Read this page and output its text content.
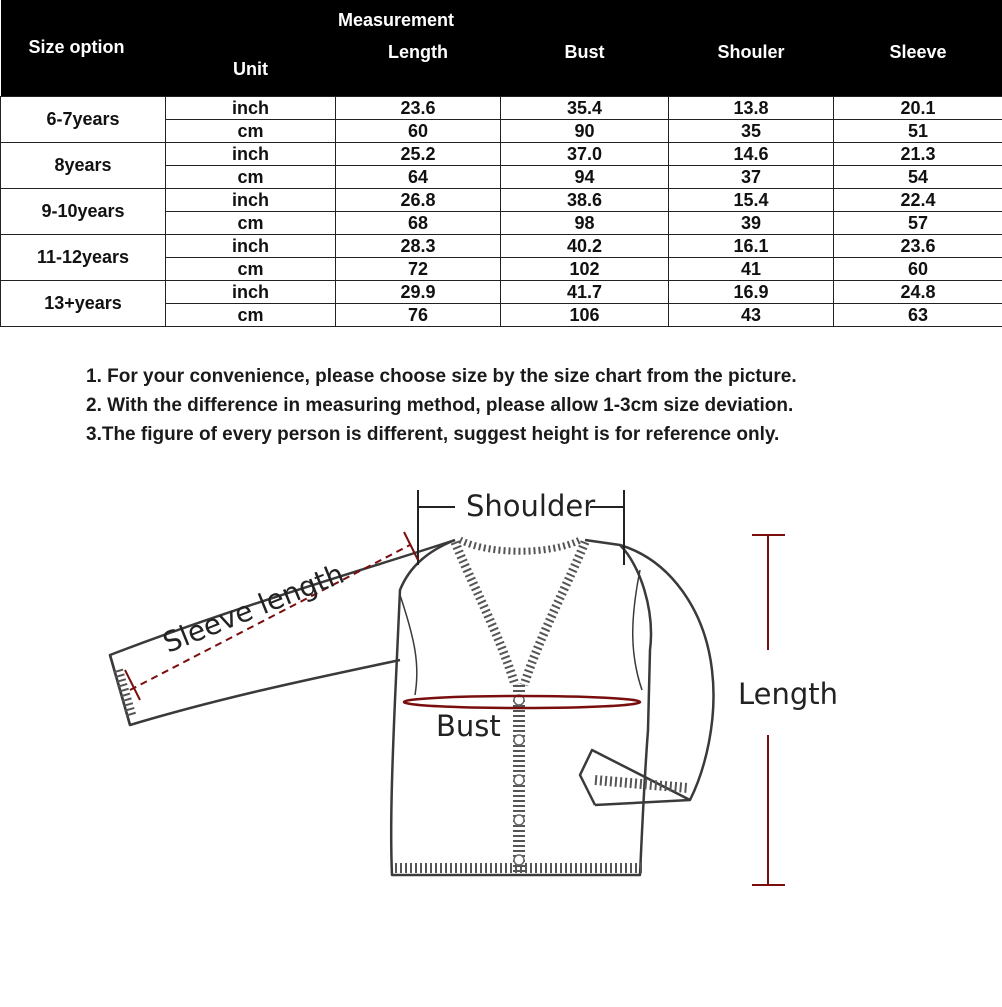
Measurement
Size option	Unit	Length	Bust	Shouler	Sleeve
6-7years	inch	23.6	35.4	13.8	20.1
	cm	60	90	35	51
8years	inch	25.2	37.0	14.6	21.3
	cm	64	94	37	54
9-10years	inch	26.8	38.6	15.4	22.4
	cm	68	98	39	57
11-12years	inch	28.3	40.2	16.1	23.6
	cm	72	102	41	60
13+years	inch	29.9	41.7	16.9	24.8
	cm	76	106	43	63
1. For your convenience, please choose size by the size chart from the picture.
2. With the difference in measuring method, please allow 1-3cm size deviation.
3.The figure of every person is different, suggest height is for reference only.
Shoulder
Sleeve length
Length
Bust
